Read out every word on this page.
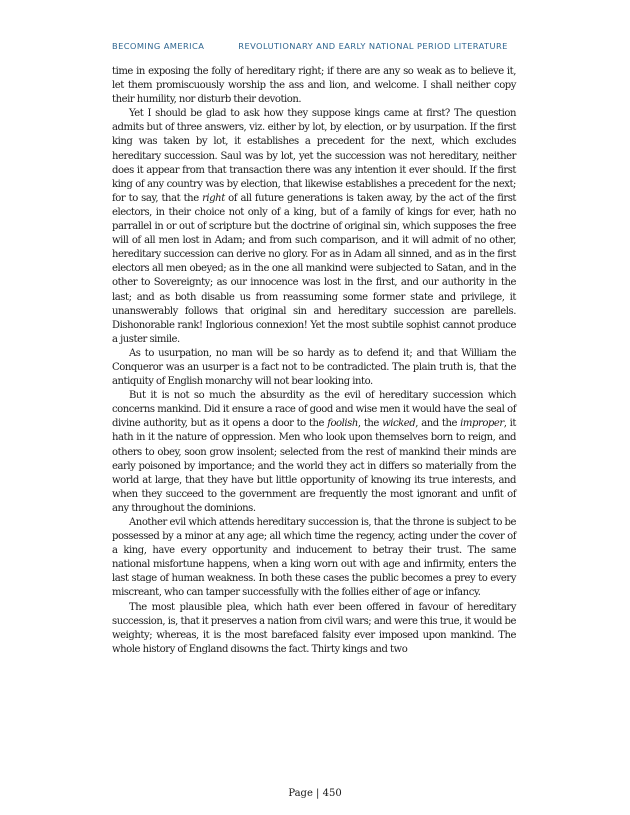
BECOMING AMERICA	REVOLUTIONARY AND EARLY NATIONAL PERIOD LITERATURE

time in exposing the folly of hereditary right; if there are any so weak as to believe it, let them promiscuously worship the ass and lion, and welcome. I shall neither copy their humility, nor disturb their devotion.

Yet I should be glad to ask how they suppose kings came at first? The question admits but of three answers, viz. either by lot, by election, or by usurpation. If the first king was taken by lot, it establishes a precedent for the next, which excludes hereditary succession. Saul was by lot, yet the succession was not hereditary, neither does it appear from that transaction there was any intention it ever should. If the first king of any country was by election, that likewise establishes a precedent for the next; for to say, that the right of all future generations is taken away, by the act of the first electors, in their choice not only of a king, but of a family of kings for ever, hath no parrallel in or out of scripture but the doctrine of original sin, which supposes the free will of all men lost in Adam; and from such comparison, and it will admit of no other, hereditary succession can derive no glory. For as in Adam all sinned, and as in the first electors all men obeyed; as in the one all mankind were subjected to Satan, and in the other to Sovereignty; as our innocence was lost in the first, and our authority in the last; and as both disable us from reassuming some former state and privilege, it unanswerably follows that original sin and hereditary succession are parellels. Dishonorable rank! Inglorious connexion! Yet the most subtile sophist cannot produce a juster simile.

As to usurpation, no man will be so hardy as to defend it; and that William the Conqueror was an usurper is a fact not to be contradicted. The plain truth is, that the antiquity of English monarchy will not bear looking into.

But it is not so much the absurdity as the evil of hereditary succession which concerns mankind. Did it ensure a race of good and wise men it would have the seal of divine authority, but as it opens a door to the foolish, the wicked, and the improper, it hath in it the nature of oppression. Men who look upon themselves born to reign, and others to obey, soon grow insolent; selected from the rest of mankind their minds are early poisoned by importance; and the world they act in differs so materially from the world at large, that they have but little opportunity of knowing its true interests, and when they succeed to the government are frequently the most ignorant and unfit of any throughout the dominions.

Another evil which attends hereditary succession is, that the throne is subject to be possessed by a minor at any age; all which time the regency, acting under the cover of a king, have every opportunity and inducement to betray their trust. The same national misfortune happens, when a king worn out with age and infirmity, enters the last stage of human weakness. In both these cases the public becomes a prey to every miscreant, who can tamper successfully with the follies either of age or infancy.

The most plausible plea, which hath ever been offered in favour of hereditary succession, is, that it preserves a nation from civil wars; and were this true, it would be weighty; whereas, it is the most barefaced falsity ever imposed upon mankind. The whole history of England disowns the fact. Thirty kings and two

Page | 450
